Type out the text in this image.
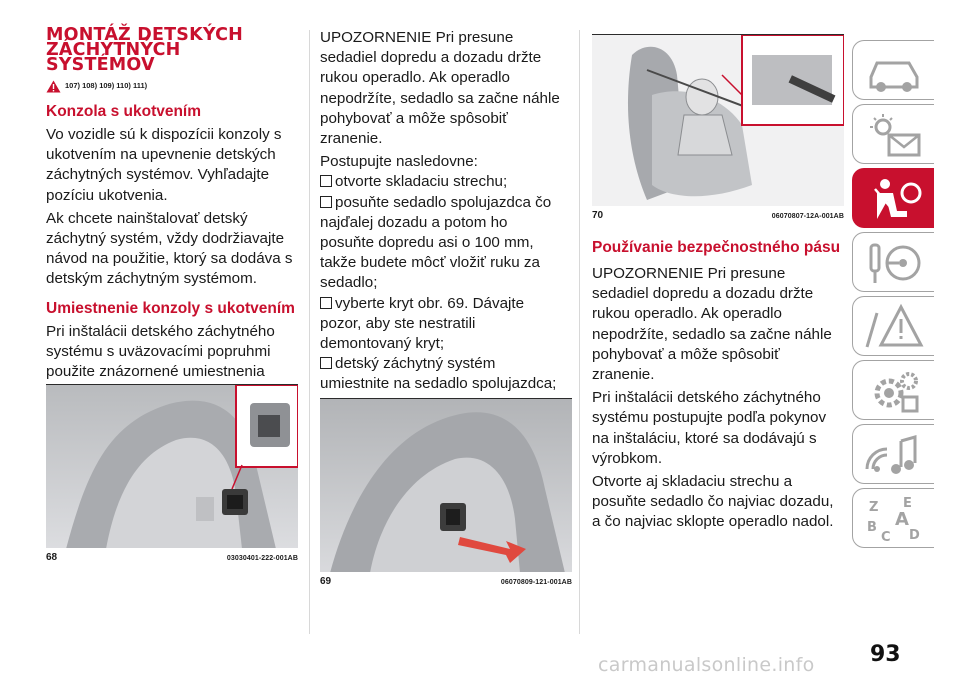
MONTÁŽ DETSKÝCH
ZÁCHYTNÝCH
SYSTÉMOV
107) 108) 109) 110) 111)
Konzola s ukotvením

Vo vozidle sú k dispozícii konzoly s ukotvením na upevnenie detských záchytných systémov. Vyhľadajte pozíciu ukotvenia.

Ak chcete nainštalovať detský záchytný systém, vždy dodržiavajte návod na použitie, ktorý sa dodáva s detským záchytným systémom.

Umiestnenie konzoly s ukotvením

Pri inštalácii detského záchytného systému s uväzovacími popruhmi použite znázornené umiestnenia

68	03030401-222-001AB

UPOZORNENIE Pri presune sedadiel dopredu a dozadu držte rukou operadlo. Ak operadlo nepodržíte, sedadlo sa začne náhle pohybovať a môže spôsobiť zranenie.

Postupujte nasledovne:

otvorte skladaciu strechu;
posuňte sedadlo spolujazdca čo najďalej dozadu a potom ho posuňte dopredu asi o 100 mm, takže budete môcť vložiť ruku za sedadlo;
vyberte kryt obr. 69. Dávajte pozor, aby ste nestratili demontovaný kryt;
detský záchytný systém umiestnite na sedadlo spolujazdca;
69	06070809-121-001AB
70	06070807-12A-001AB
Používanie bezpečnostného pásu

UPOZORNENIE Pri presune sedadiel dopredu a dozadu držte rukou operadlo. Ak operadlo nepodržíte, sedadlo sa začne náhle pohybovať a môže spôsobiť zranenie.

Pri inštalácii detského záchytného systému postupujte podľa pokynov na inštaláciu, ktoré sa dodávajú s výrobkom.

Otvorte aj skladaciu strechu a posuňte sedadlo čo najviac dozadu, a čo najviac sklopte operadlo nadol.

Z E
B A
C D
93
carmanualsonline.info
